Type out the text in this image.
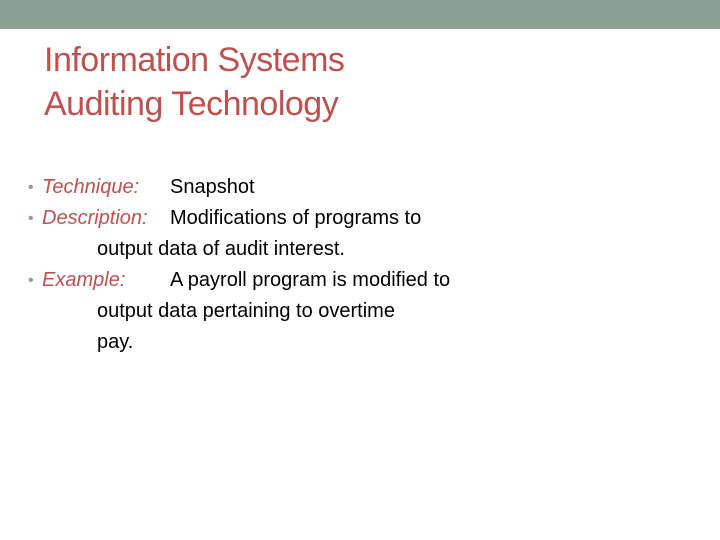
Information Systems
Auditing Technology
• Technique: Snapshot
• Description: Modifications of programs to
output data of audit interest.
• Example: A payroll program is modified to
output data pertaining to overtime
pay.
